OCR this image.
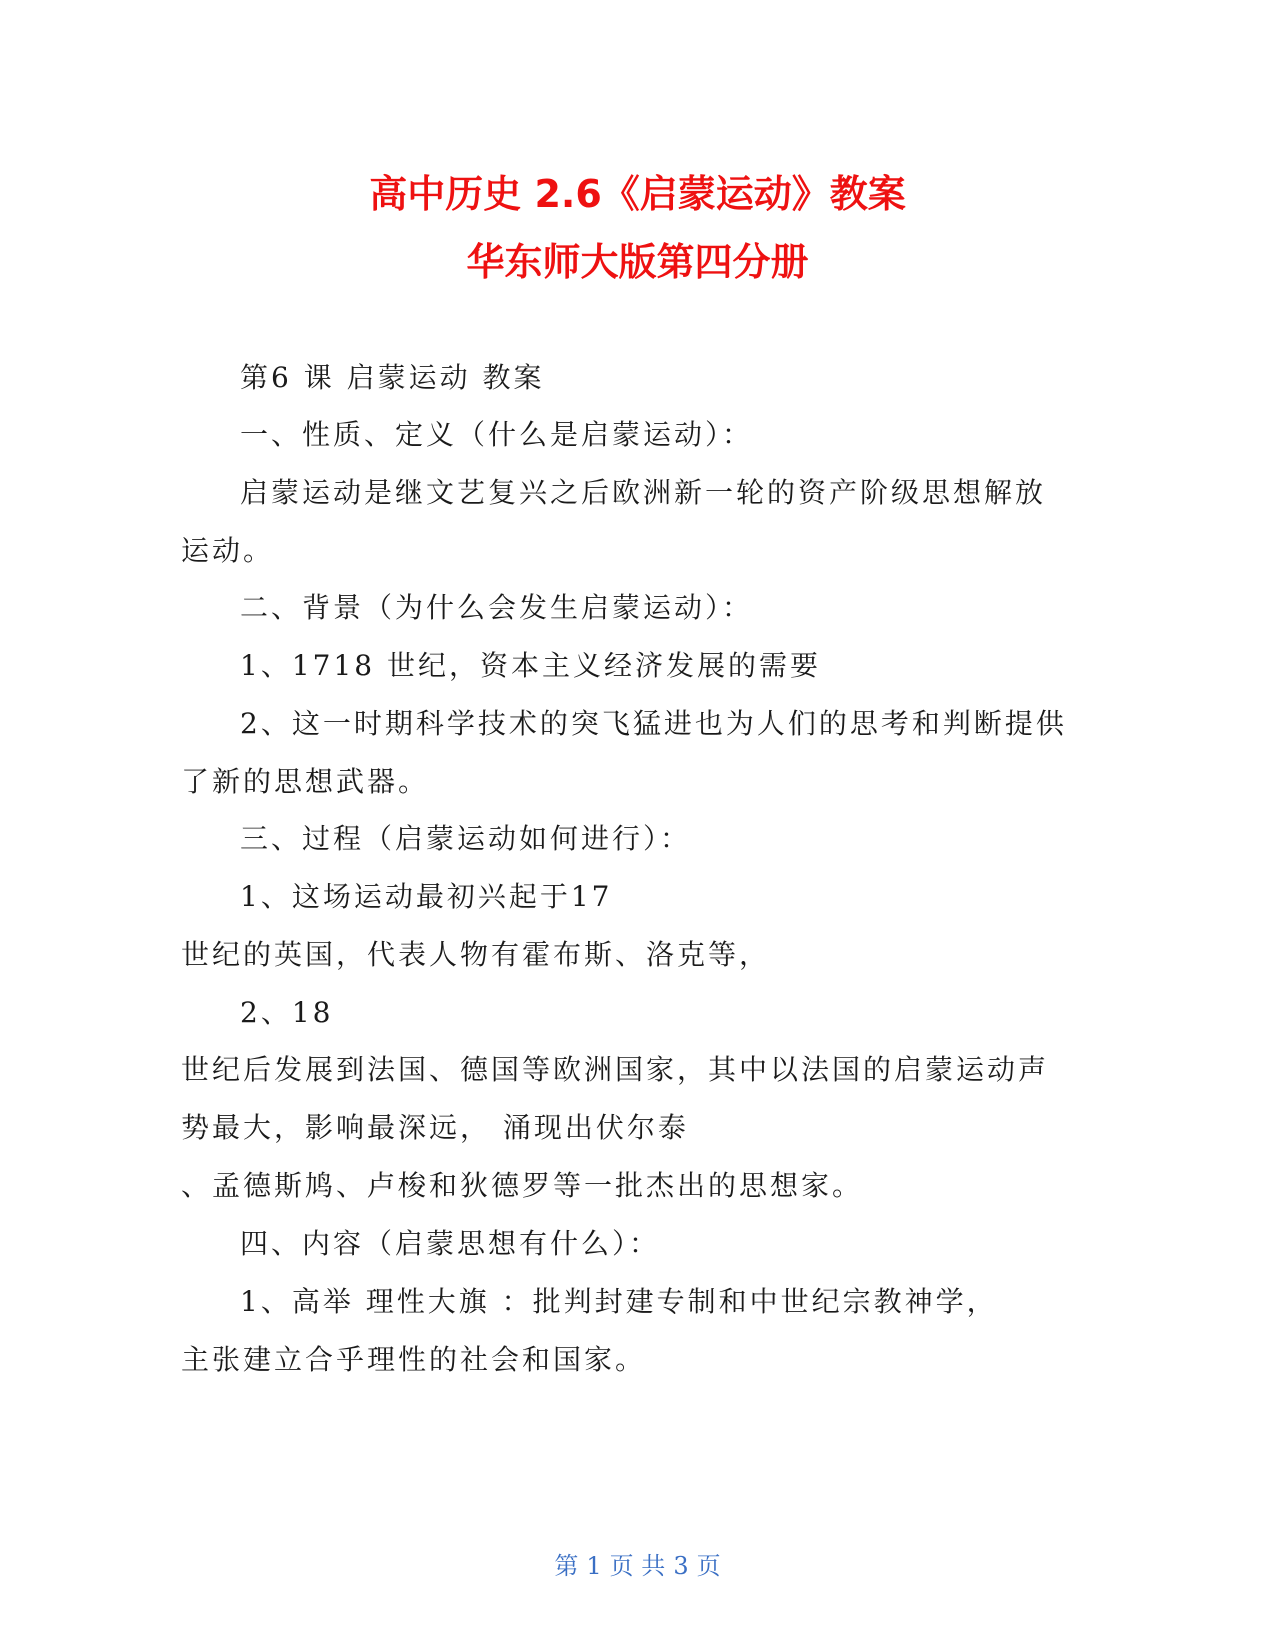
高中历史 2.6《启蒙运动》教案
华东师大版第四分册
第6 课 启蒙运动 教案
一、性质、定义（什么是启蒙运动）：
启蒙运动是继文艺复兴之后欧洲新一轮的资产阶级思想解放
运动。
二、背景（为什么会发生启蒙运动）：
1、1718 世纪，资本主义经济发展的需要
2、这一时期科学技术的突飞猛进也为人们的思考和判断提供
了新的思想武器。
三、过程（启蒙运动如何进行）：
1、这场运动最初兴起于17
世纪的英国，代表人物有霍布斯、洛克等，
2、18
世纪后发展到法国、德国等欧洲国家，其中以法国的启蒙运动声
势最大，影响最深远， 涌现出伏尔泰
、孟德斯鸠、卢梭和狄德罗等一批杰出的思想家。
四、内容（启蒙思想有什么）：
1、高举 理性大旗 ：批判封建专制和中世纪宗教神学，
主张建立合乎理性的社会和国家。
第 1 页 共 3 页
